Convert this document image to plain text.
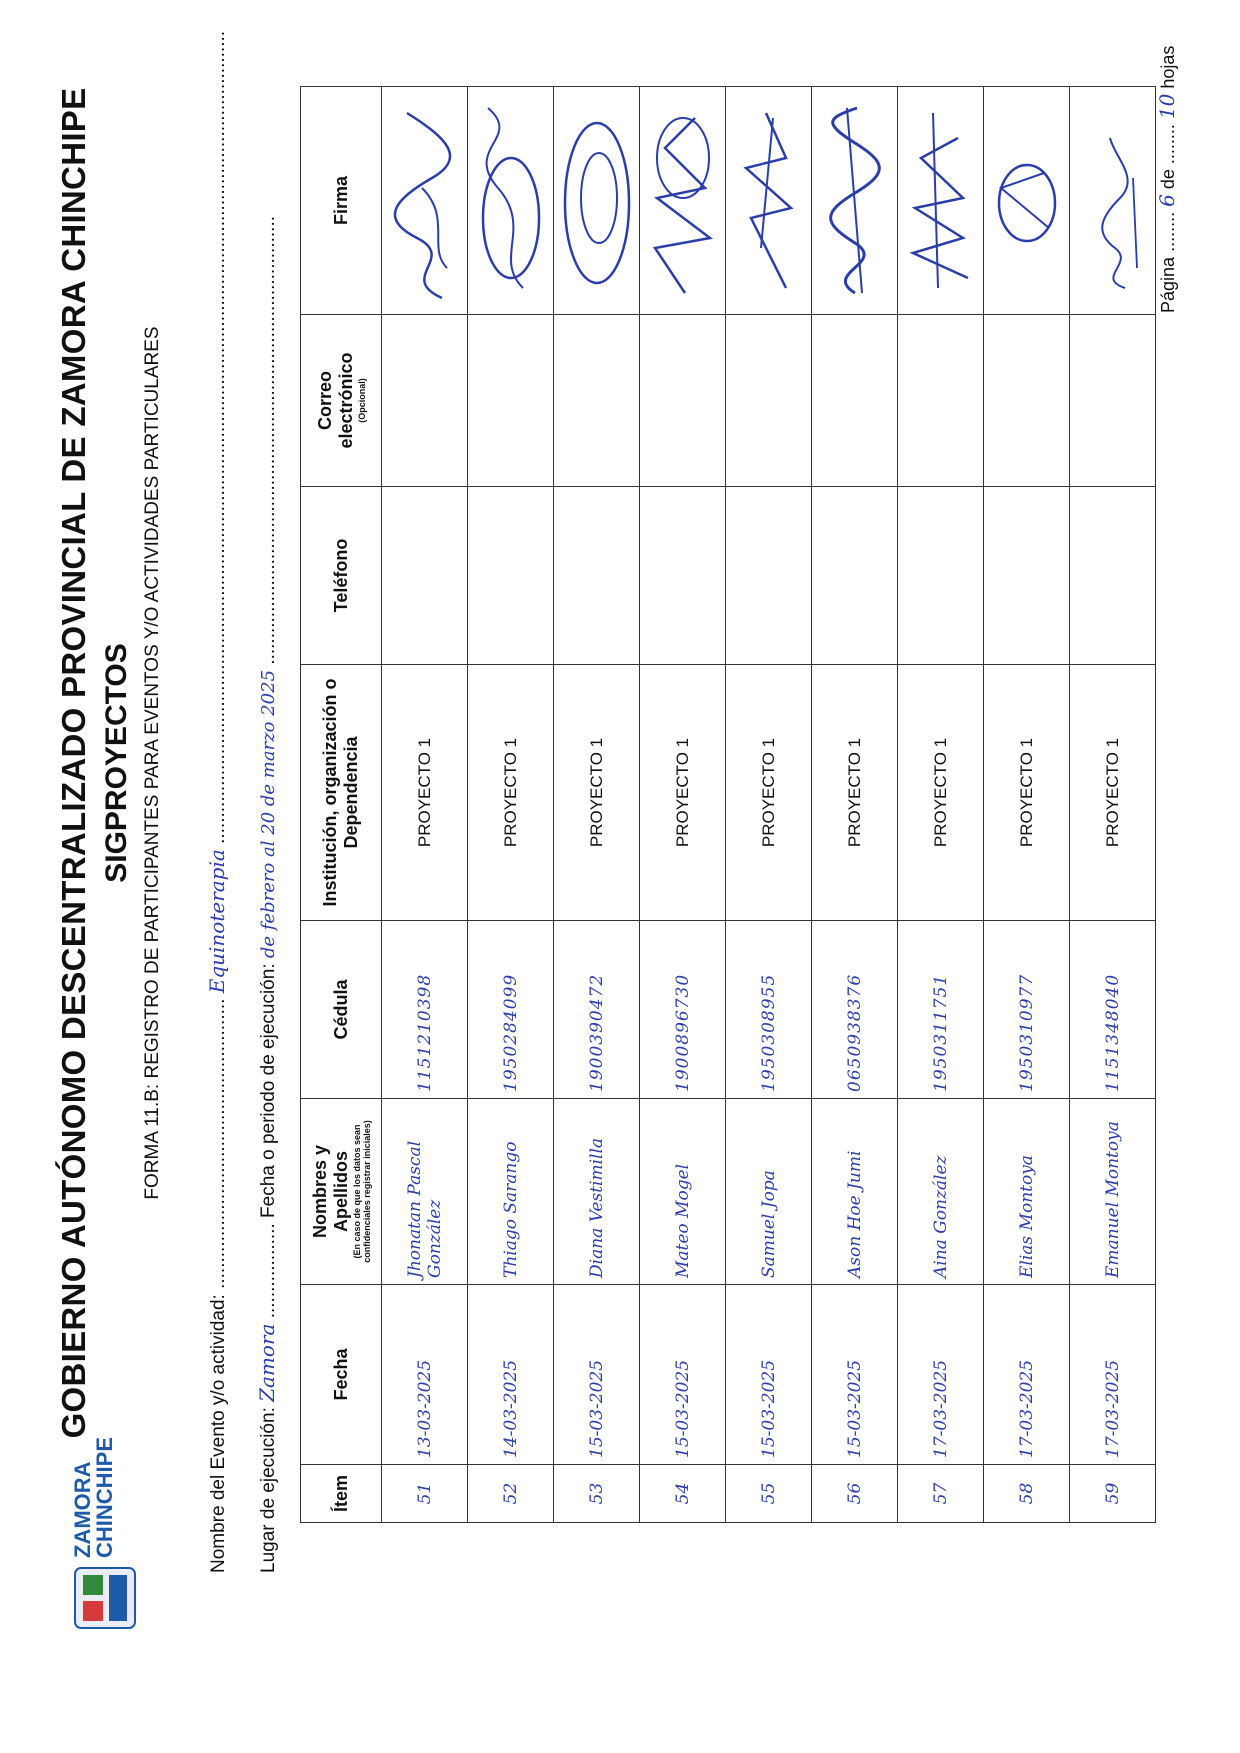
ZAMORA
CHINCHIPE
GOBIERNO AUTÓNOMO DESCENTRALIZADO PROVINCIAL DE ZAMORA CHINCHIPE SIGPROYECTOS FORMA 11.B: REGISTRO DE PARTICIPANTES PARA EVENTOS Y/O ACTIVIDADES PARTICULARES
Nombre del Evento y/o actividad: ....................................................... Equinoterapia ..........................................................................................................................................................
Lugar de ejecución: Zamora .................. Fecha o periodo de ejecución: de febrero al 20 de marzo 2025 .....................................................................................
Ítem	Fecha	Nombres y Apellidos (En caso de que los datos sean confidenciales registrar iniciales)	Cédula	Institución, organización o Dependencia	Teléfono	Correo electrónico (Opcional)	Firma
51	13-03-2025	Jhonatan Pascal González	1151210398	PROYECTO 1			

52	14-03-2025	Thiago Sarango	1950284099	PROYECTO 1			

53	15-03-2025	Diana Vestimilla	1900390472	PROYECTO 1			

54	15-03-2025	Mateo Mogel	1900896730	PROYECTO 1			

55	15-03-2025	Samuel Jopa	1950308955	PROYECTO 1			

56	15-03-2025	Ason Hoe Jumi	0650938376	PROYECTO 1			

57	17-03-2025	Aina González	1950311751	PROYECTO 1			

58	17-03-2025	Elias Montoya	1950310977	PROYECTO 1			

59	17-03-2025	Emanuel Montoya	1151348040	PROYECTO 1			
Página ........ 6 de ........ 10 hojas
